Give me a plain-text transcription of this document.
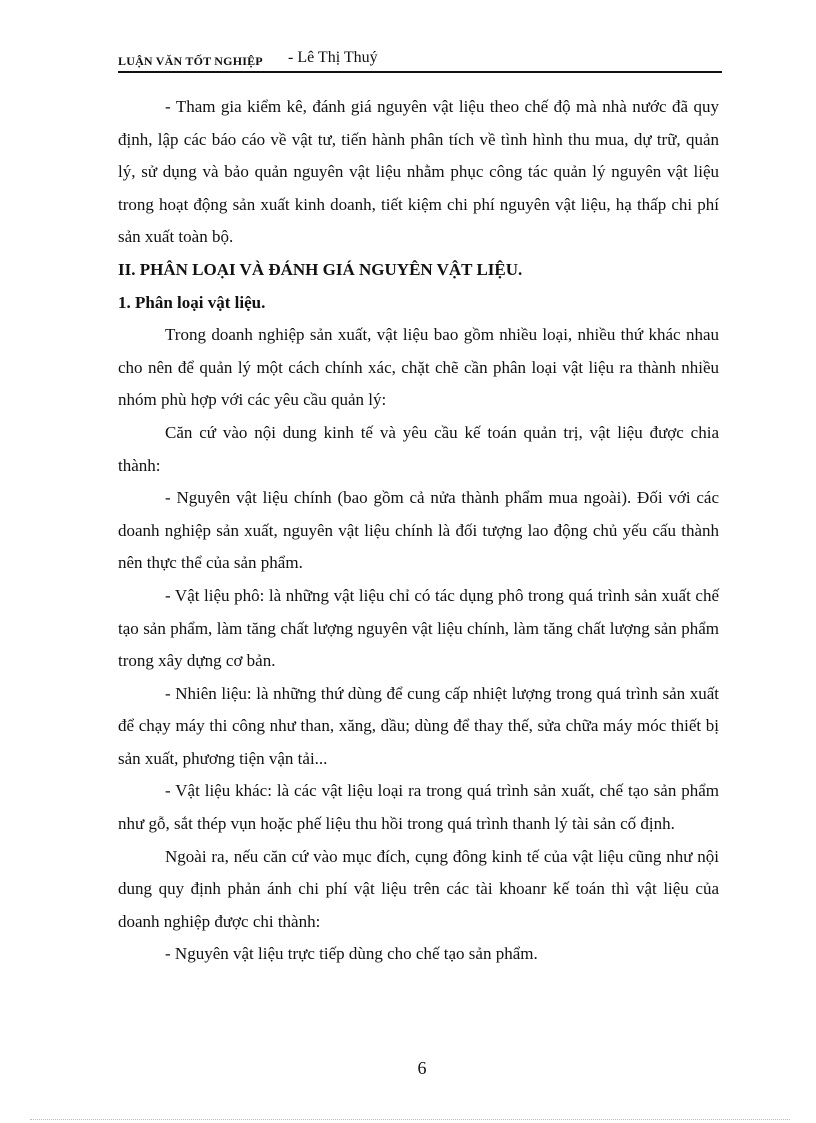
LUẬN VĂN TỐT NGHIỆP - Lê Thị Thuý

- Tham gia kiểm kê, đánh giá nguyên vật liệu theo chế độ mà nhà nước đã quy định, lập các báo cáo về vật tư, tiến hành phân tích về tình hình thu mua, dự trữ, quản lý, sử dụng và bảo quản nguyên vật liệu nhằm phục công tác quản lý nguyên vật liệu trong hoạt động sản xuất kinh doanh, tiết kiệm chi phí nguyên vật liệu, hạ thấp chi phí sản xuất toàn bộ.

II. PHÂN LOẠI VÀ ĐÁNH GIÁ NGUYÊN VẬT LIỆU.

1. Phân loại vật liệu.

Trong doanh nghiệp sản xuất, vật liệu bao gồm nhiều loại, nhiều thứ khác nhau cho nên để quản lý một cách chính xác, chặt chẽ cần phân loại vật liệu ra thành nhiều nhóm phù hợp với các yêu cầu quản lý:

Căn cứ vào nội dung kinh tế và yêu cầu kế toán quản trị, vật liệu được chia thành:

- Nguyên vật liệu chính (bao gồm cả nửa thành phẩm mua ngoài). Đối với các doanh nghiệp sản xuất, nguyên vật liệu chính là đối tượng lao động chủ yếu cấu thành nên thực thể của sản phẩm.

- Vật liệu phô: là những vật liệu chỉ có tác dụng phô trong quá trình sản xuất chế tạo sản phẩm, làm tăng chất lượng nguyên vật liệu chính, làm tăng chất lượng sản phẩm trong xây dựng cơ bản.

- Nhiên liệu: là những thứ dùng để cung cấp nhiệt lượng trong quá trình sản xuất để chạy máy thi công như than, xăng, dầu; dùng để thay thế, sửa chữa máy móc thiết bị sản xuất, phương tiện vận tải...

- Vật liệu khác: là các vật liệu loại ra trong quá trình sản xuất, chế tạo sản phẩm như gỗ, sắt thép vụn hoặc phế liệu thu hồi trong quá trình thanh lý tài sản cố định.

Ngoài ra, nếu căn cứ vào mục đích, cụng đông kinh tế của vật liệu cũng như nội dung quy định phản ánh chi phí vật liệu trên các tài khoanr kế toán thì vật liệu của doanh nghiệp được chi thành:

- Nguyên vật liệu trực tiếp dùng cho chế tạo sản phẩm.

6
